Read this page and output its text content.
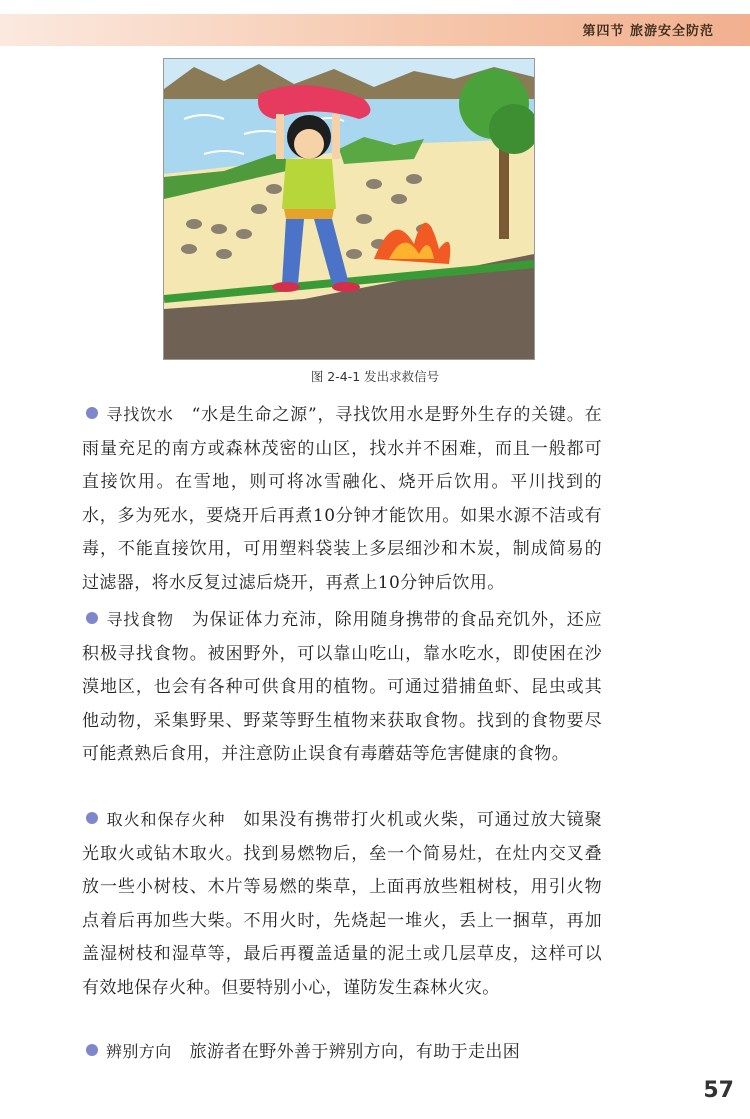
第四节 旅游安全防范
图 2-4-1 发出求救信号
寻找饮水 “水是生命之源”，寻找饮用水是野外生存的关键。在雨量充足的南方或森林茂密的山区，找水并不困难，而且一般都可直接饮用。在雪地，则可将冰雪融化、烧开后饮用。平川找到的水，多为死水，要烧开后再煮10分钟才能饮用。如果水源不洁或有毒，不能直接饮用，可用塑料袋装上多层细沙和木炭，制成简易的过滤器，将水反复过滤后烧开，再煮上10分钟后饮用。
寻找食物 为保证体力充沛，除用随身携带的食品充饥外，还应积极寻找食物。被困野外，可以靠山吃山，靠水吃水，即使困在沙漠地区，也会有各种可供食用的植物。可通过猎捕鱼虾、昆虫或其他动物，采集野果、野菜等野生植物来获取食物。找到的食物要尽可能煮熟后食用，并注意防止误食有毒蘑菇等危害健康的食物。
取火和保存火种 如果没有携带打火机或火柴，可通过放大镜聚光取火或钻木取火。找到易燃物后，垒一个简易灶，在灶内交叉叠放一些小树枝、木片等易燃的柴草，上面再放些粗树枝，用引火物点着后再加些大柴。不用火时，先烧起一堆火，丢上一捆草，再加盖湿树枝和湿草等，最后再覆盖适量的泥土或几层草皮，这样可以有效地保存火种。但要特别小心，谨防发生森林火灾。
辨别方向 旅游者在野外善于辨别方向，有助于走出困
57
